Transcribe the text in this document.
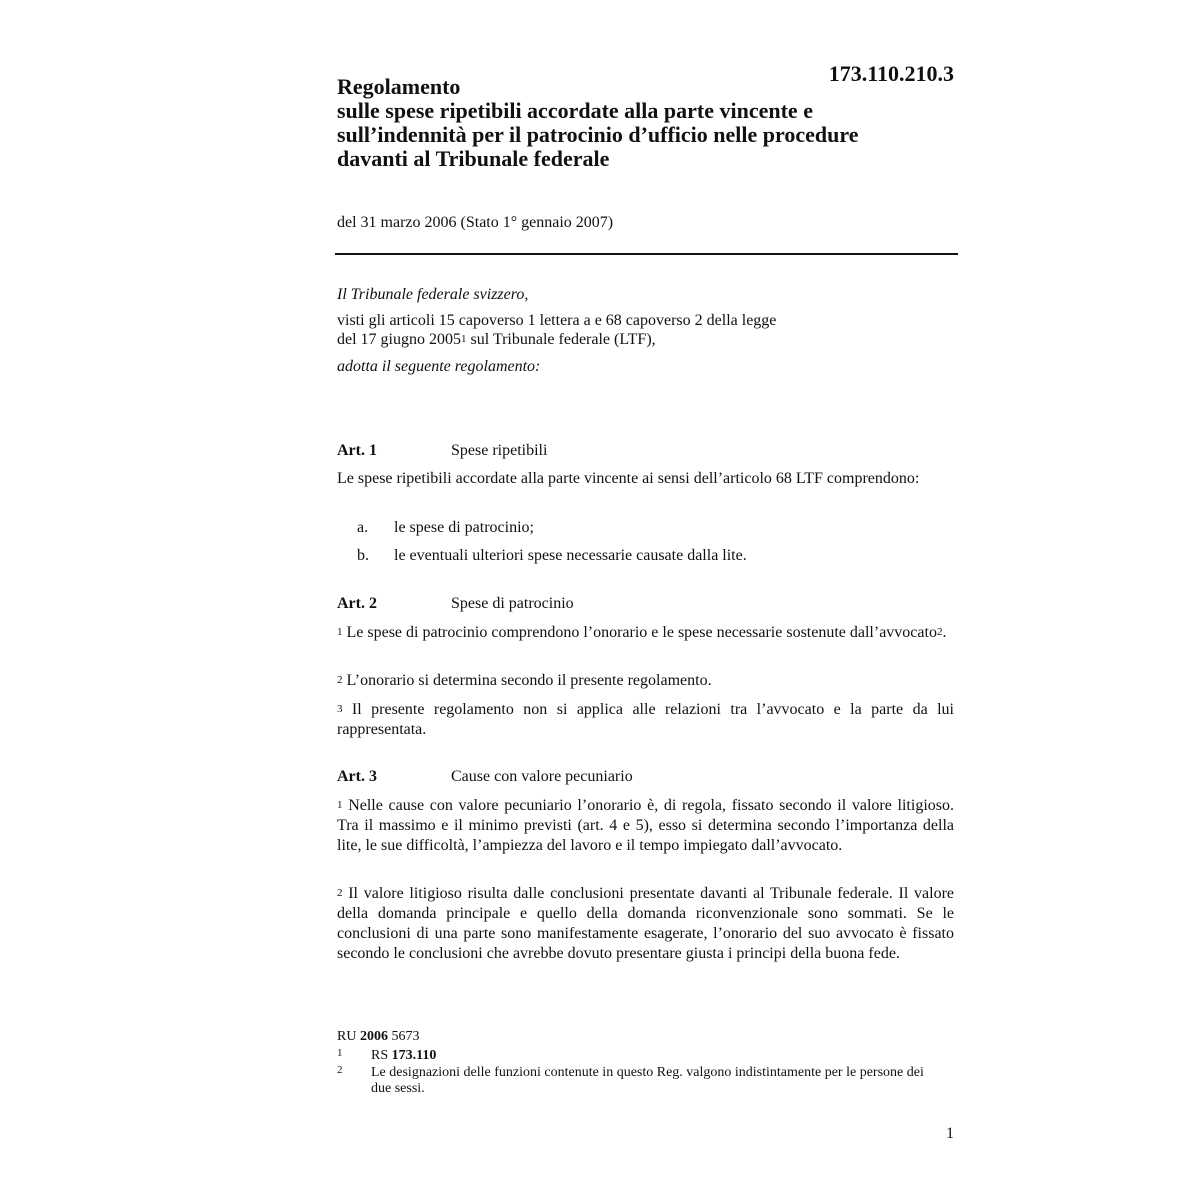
173.110.210.3
Regolamento
sulle spese ripetibili accordate alla parte vincente e
sull’indennità per il patrocinio d’ufficio nelle procedure
davanti al Tribunale federale
del 31 marzo 2006 (Stato 1° gennaio 2007)
Il Tribunale federale svizzero,
visti gli articoli 15 capoverso 1 lettera a e 68 capoverso 2 della legge
del 17 giugno 2005$^1$ sul Tribunale federale (LTF),
adotta il seguente regolamento:
Art. 1	Spese ripetibili
Le spese ripetibili accordate alla parte vincente ai sensi dell’articolo 68 LTF comprendono:
a. le spese di patrocinio;
b. le eventuali ulteriori spese necessarie causate dalla lite.
Art. 2	Spese di patrocinio
$^1$ Le spese di patrocinio comprendono l’onorario e le spese necessarie sostenute dall’avvocato$^2$.
$^2$ L’onorario si determina secondo il presente regolamento.
$^3$ Il presente regolamento non si applica alle relazioni tra l’avvocato e la parte da lui rappresentata.
Art. 3	Cause con valore pecuniario
$^1$ Nelle cause con valore pecuniario l’onorario è, di regola, fissato secondo il valore litigioso. Tra il massimo e il minimo previsti (art. 4 e 5), esso si determina secondo l’importanza della lite, le sue difficoltà, l’ampiezza del lavoro e il tempo impiegato dall’avvocato.
$^2$ Il valore litigioso risulta dalle conclusioni presentate davanti al Tribunale federale. Il valore della domanda principale e quello della domanda riconvenzionale sono sommati. Se le conclusioni di una parte sono manifestamente esagerate, l’onorario del suo avvocato è fissato secondo le conclusioni che avrebbe dovuto presentare giusta i principi della buona fede.
RU 2006 5673
1 RS 173.110
2 Le designazioni delle funzioni contenute in questo Reg. valgono indistintamente per le persone dei due sessi.
1
